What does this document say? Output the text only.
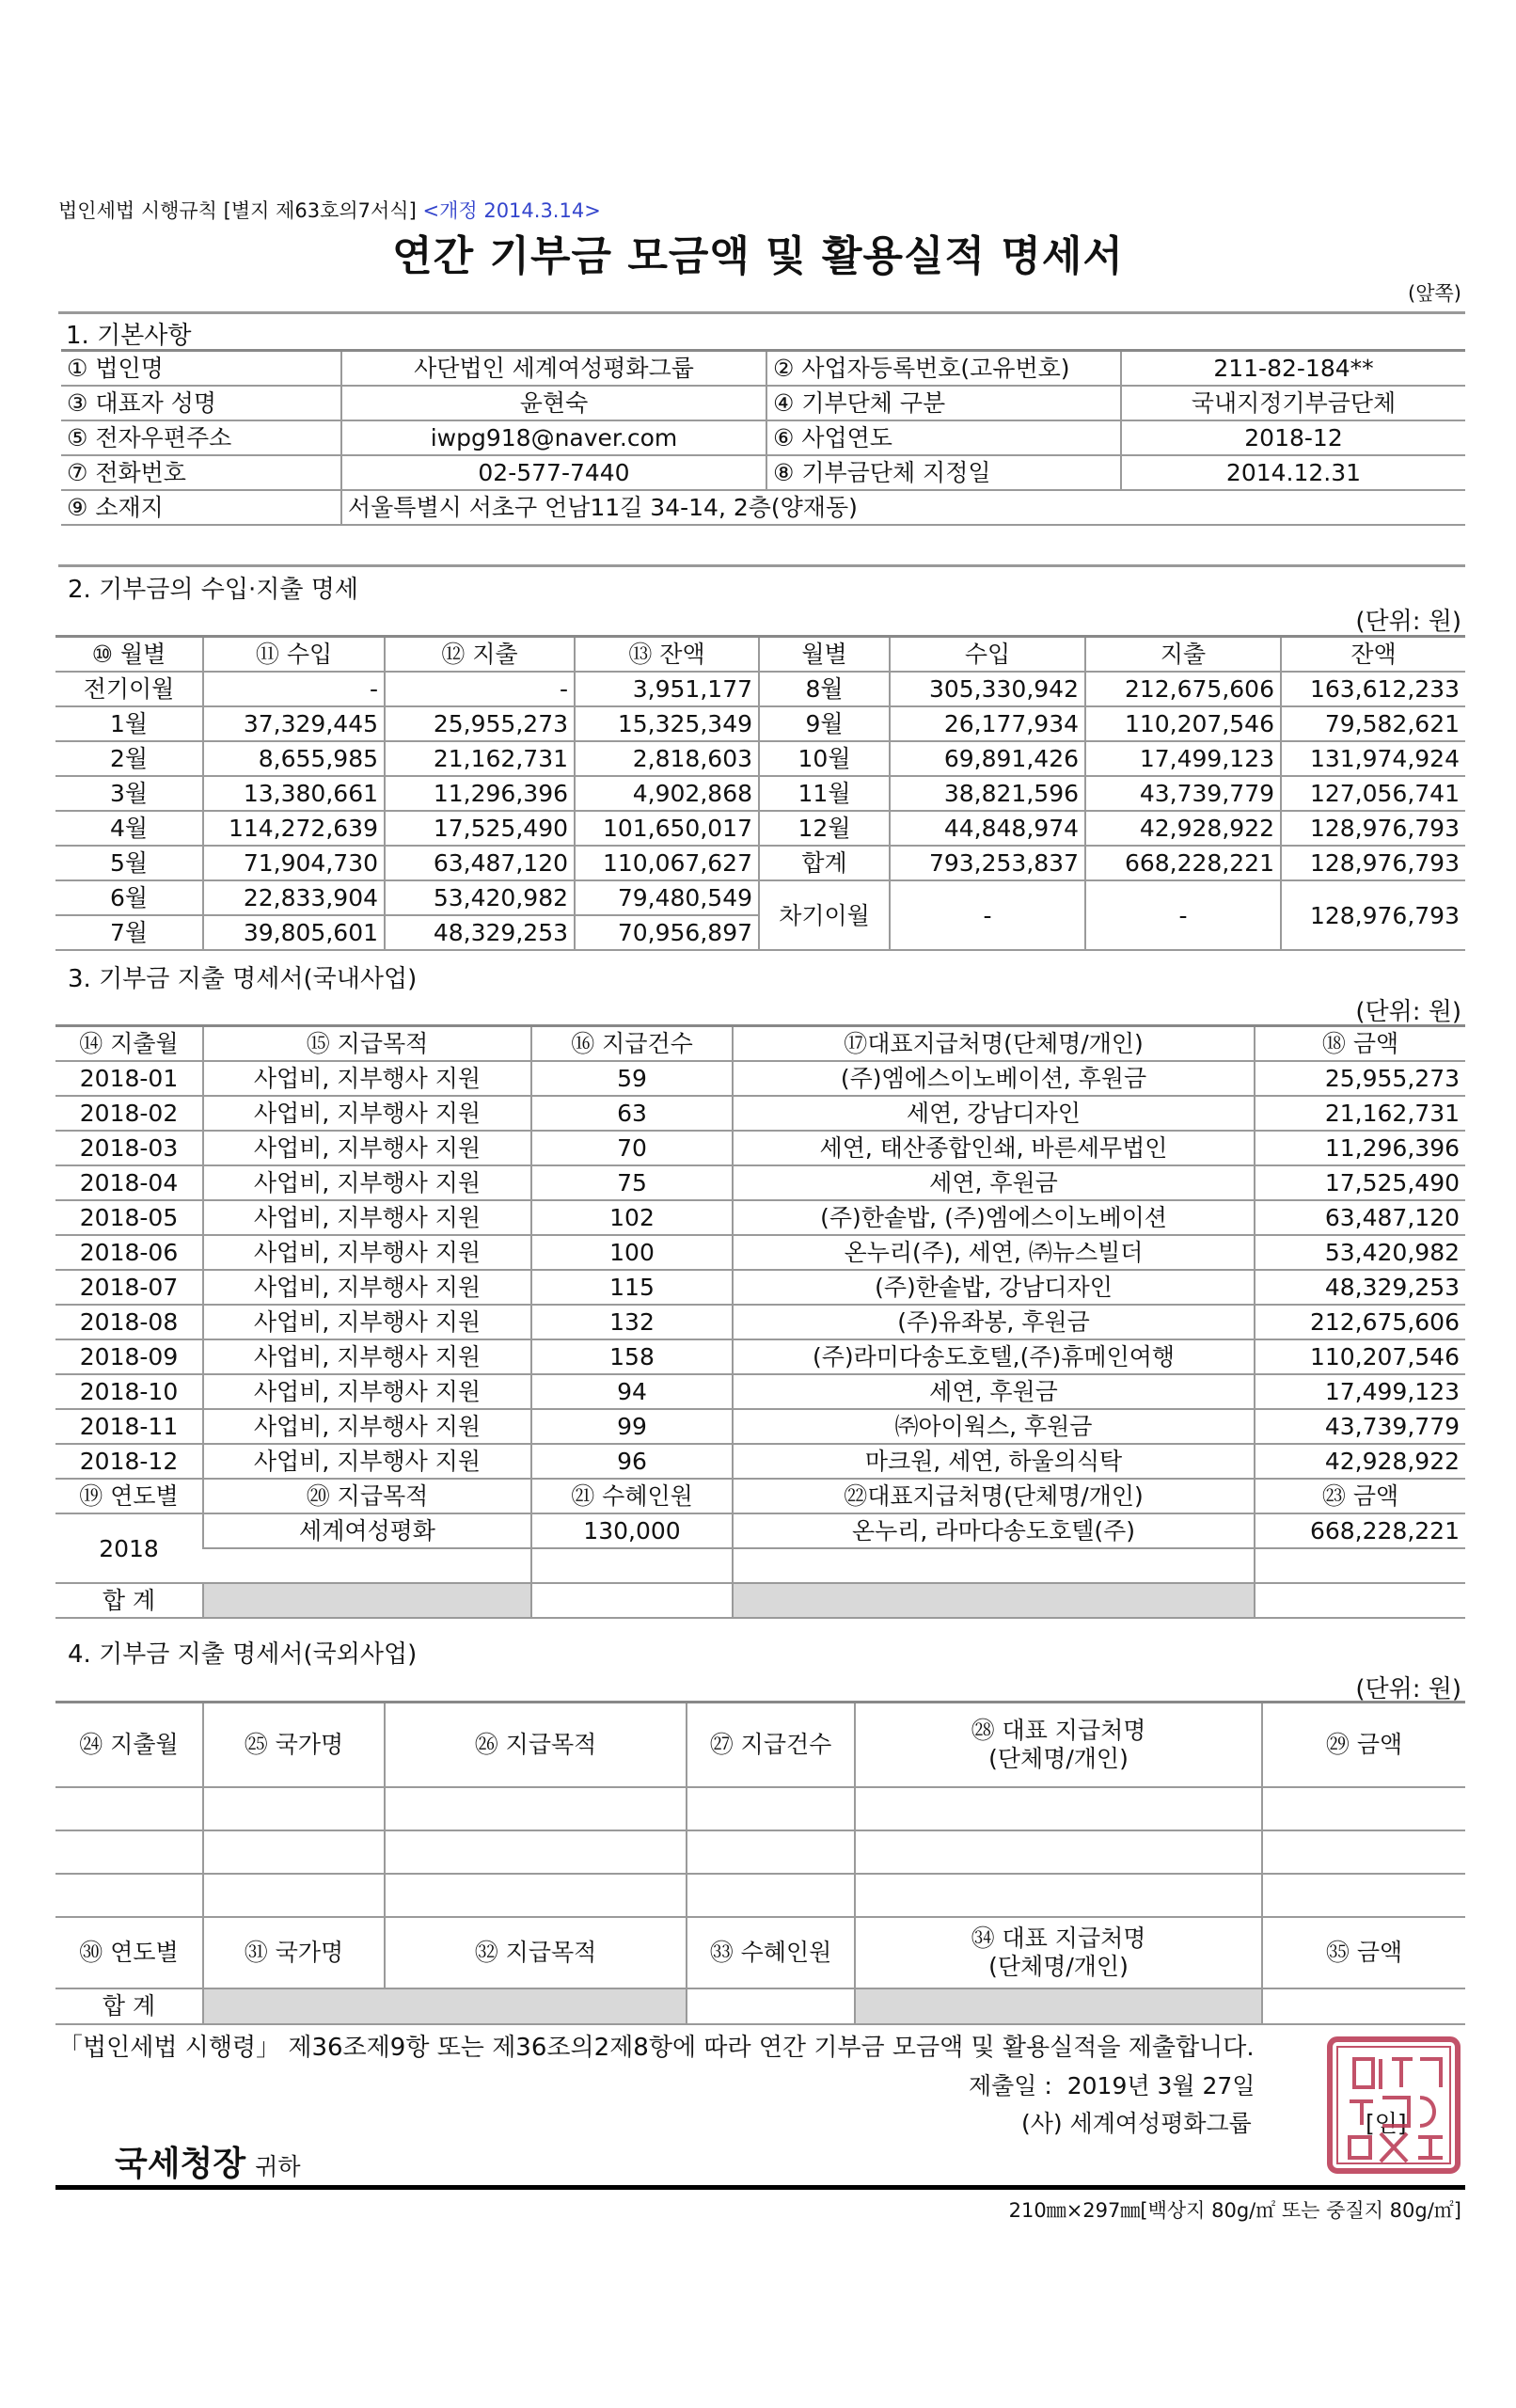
법인세법 시행규칙 [별지 제63호의7서식] <개정 2014.3.14>
연간 기부금 모금액 및 활용실적 명세서
(앞쪽)
1. 기본사항
① 법인명	사단법인 세계여성평화그룹	② 사업자등록번호(고유번호)	211-82-184**
③ 대표자 성명	윤현숙	④ 기부단체 구분	국내지정기부금단체
⑤ 전자우편주소	iwpg918@naver.com	⑥ 사업연도	2018-12
⑦ 전화번호	02-577-7440	⑧ 기부금단체 지정일	2014.12.31
⑨ 소재지	서울특별시 서초구 언남11길 34-14, 2층(양재동)		
2. 기부금의 수입·지출 명세
(단위: 원)
⑩ 월별	⑪ 수입	⑫ 지출	⑬ 잔액	월별	수입	지출	잔액
전기이월	-	-	3,951,177	8월	305,330,942	212,675,606	163,612,233
1월	37,329,445	25,955,273	15,325,349	9월	26,177,934	110,207,546	79,582,621
2월	8,655,985	21,162,731	2,818,603	10월	69,891,426	17,499,123	131,974,924
3월	13,380,661	11,296,396	4,902,868	11월	38,821,596	43,739,779	127,056,741
4월	114,272,639	17,525,490	101,650,017	12월	44,848,974	42,928,922	128,976,793
5월	71,904,730	63,487,120	110,067,627	합계	793,253,837	668,228,221	128,976,793
6월	22,833,904	53,420,982	79,480,549	차기이월	-	-	128,976,793
7월	39,805,601	48,329,253	70,956,897				
3. 기부금 지출 명세서(국내사업)
(단위: 원)
⑭ 지출월	⑮ 지급목적	⑯ 지급건수	⑰대표지급처명(단체명/개인)	⑱ 금액
2018-01	사업비, 지부행사 지원	59	(주)엠에스이노베이션, 후원금	25,955,273
2018-02	사업비, 지부행사 지원	63	세연, 강남디자인	21,162,731
2018-03	사업비, 지부행사 지원	70	세연, 태산종합인쇄, 바른세무법인	11,296,396
2018-04	사업비, 지부행사 지원	75	세연, 후원금	17,525,490
2018-05	사업비, 지부행사 지원	102	(주)한솥밥, (주)엠에스이노베이션	63,487,120
2018-06	사업비, 지부행사 지원	100	온누리(주), 세연, ㈜뉴스빌더	53,420,982
2018-07	사업비, 지부행사 지원	115	(주)한솥밥, 강남디자인	48,329,253
2018-08	사업비, 지부행사 지원	132	(주)유좌봉, 후원금	212,675,606
2018-09	사업비, 지부행사 지원	158	(주)라미다송도호텔,(주)휴메인여행	110,207,546
2018-10	사업비, 지부행사 지원	94	세연, 후원금	17,499,123
2018-11	사업비, 지부행사 지원	99	㈜아이웍스, 후원금	43,739,779
2018-12	사업비, 지부행사 지원	96	마크원, 세연, 하울의식탁	42,928,922
⑲ 연도별	⑳ 지급목적	㉑ 수혜인원	㉒대표지급처명(단체명/개인)	㉓ 금액
2018	세계여성평화	130,000	온누리, 라마다송도호텔(주)	668,228,221

합 계				
4. 기부금 지출 명세서(국외사업)
(단위: 원)
㉔ 지출월	㉕ 국가명	㉖ 지급목적	㉗ 지급건수	㉘ 대표 지급처명
(단체명/개인)	㉙ 금액

㉚ 연도별	㉛ 국가명	㉜ 지급목적	㉝ 수혜인원	㉞ 대표 지급처명
(단체명/개인)	㉟ 금액
합 계					
「법인세법 시행령」 제36조제9항 또는 제36조의2제8항에 따라 연간 기부금 모금액 및 활용실적을 제출합니다.
제출일 : 2019년 3월 27일
(사) 세계여성평화그룹	[인]
국세청장 귀하
210㎜×297㎜[백상지 80g/㎡ 또는 중질지 80g/㎡]
